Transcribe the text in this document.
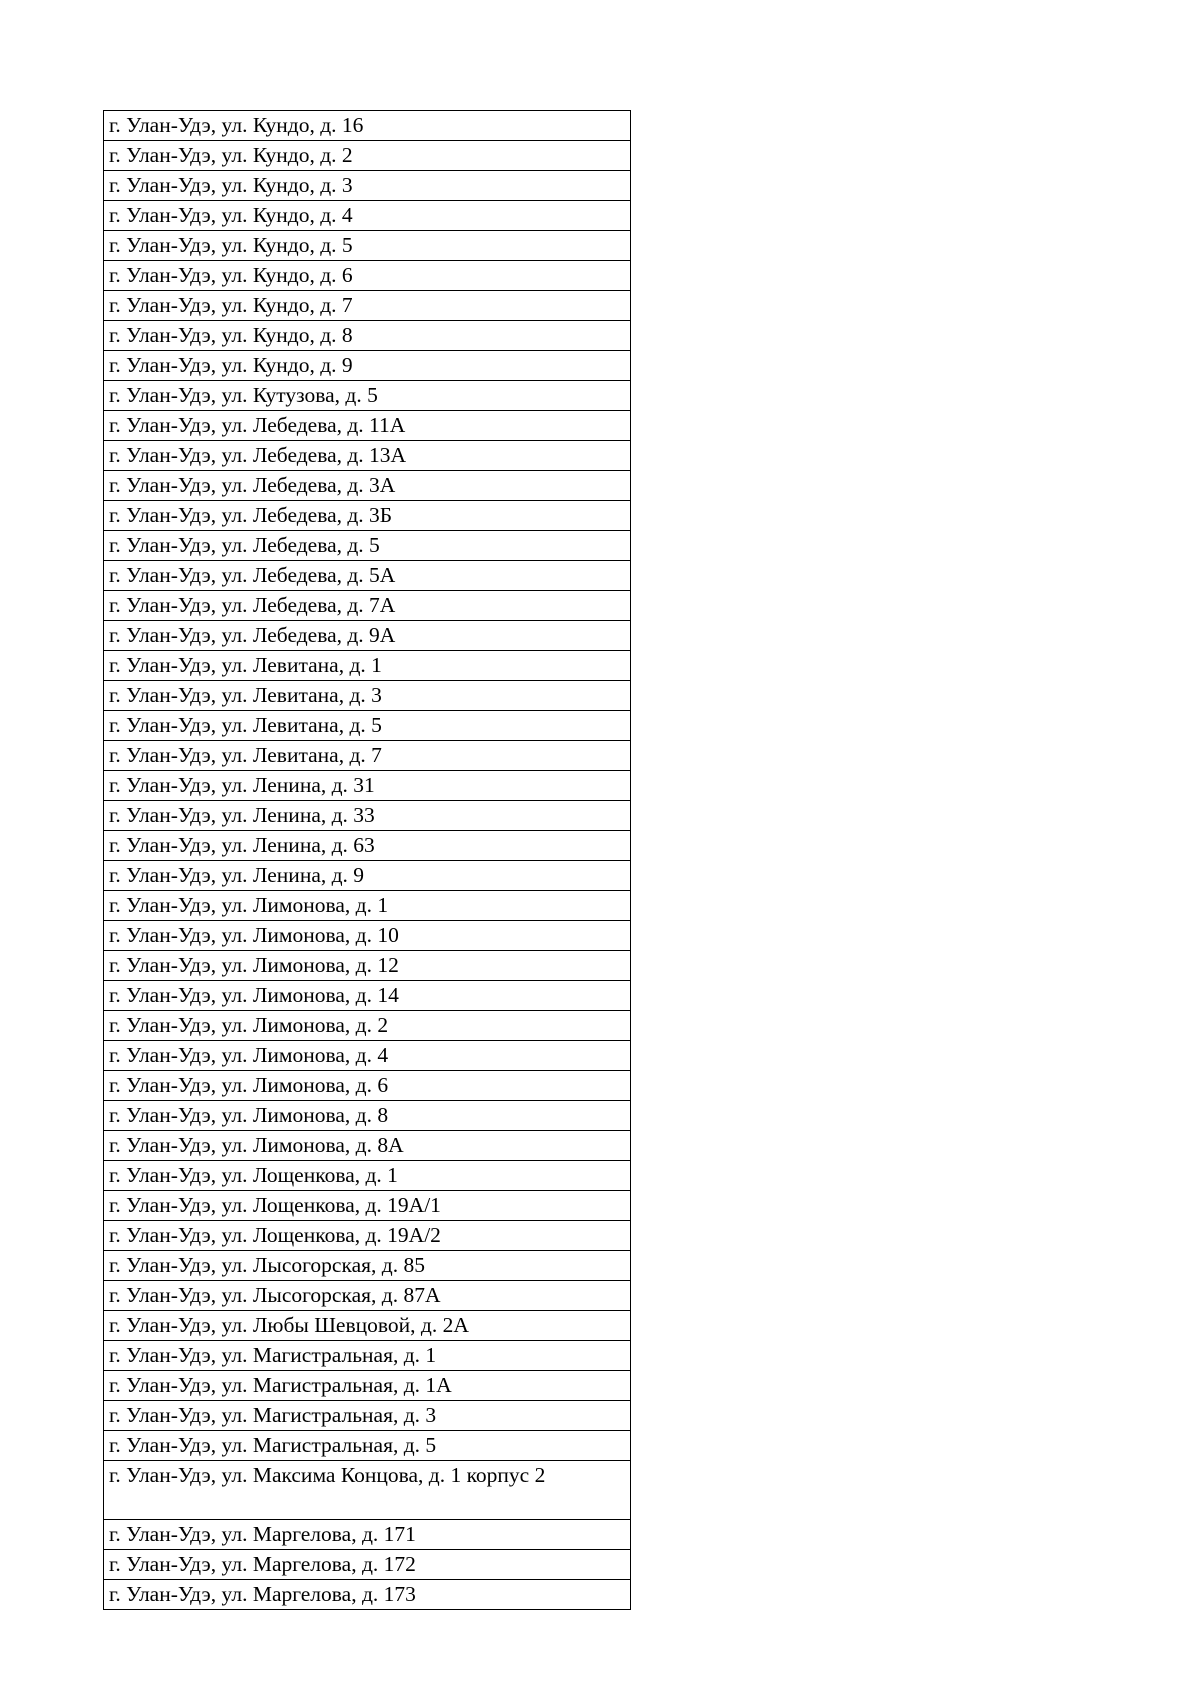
г. Улан-Удэ, ул. Кундо, д. 16
г. Улан-Удэ, ул. Кундо, д. 2
г. Улан-Удэ, ул. Кундо, д. 3
г. Улан-Удэ, ул. Кундо, д. 4
г. Улан-Удэ, ул. Кундо, д. 5
г. Улан-Удэ, ул. Кундо, д. 6
г. Улан-Удэ, ул. Кундо, д. 7
г. Улан-Удэ, ул. Кундо, д. 8
г. Улан-Удэ, ул. Кундо, д. 9
г. Улан-Удэ, ул. Кутузова, д. 5
г. Улан-Удэ, ул. Лебедева, д. 11А
г. Улан-Удэ, ул. Лебедева, д. 13А
г. Улан-Удэ, ул. Лебедева, д. 3А
г. Улан-Удэ, ул. Лебедева, д. 3Б
г. Улан-Удэ, ул. Лебедева, д. 5
г. Улан-Удэ, ул. Лебедева, д. 5А
г. Улан-Удэ, ул. Лебедева, д. 7А
г. Улан-Удэ, ул. Лебедева, д. 9А
г. Улан-Удэ, ул. Левитана, д. 1
г. Улан-Удэ, ул. Левитана, д. 3
г. Улан-Удэ, ул. Левитана, д. 5
г. Улан-Удэ, ул. Левитана, д. 7
г. Улан-Удэ, ул. Ленина, д. 31
г. Улан-Удэ, ул. Ленина, д. 33
г. Улан-Удэ, ул. Ленина, д. 63
г. Улан-Удэ, ул. Ленина, д. 9
г. Улан-Удэ, ул. Лимонова, д. 1
г. Улан-Удэ, ул. Лимонова, д. 10
г. Улан-Удэ, ул. Лимонова, д. 12
г. Улан-Удэ, ул. Лимонова, д. 14
г. Улан-Удэ, ул. Лимонова, д. 2
г. Улан-Удэ, ул. Лимонова, д. 4
г. Улан-Удэ, ул. Лимонова, д. 6
г. Улан-Удэ, ул. Лимонова, д. 8
г. Улан-Удэ, ул. Лимонова, д. 8А
г. Улан-Удэ, ул. Лощенкова, д. 1
г. Улан-Удэ, ул. Лощенкова, д. 19А/1
г. Улан-Удэ, ул. Лощенкова, д. 19А/2
г. Улан-Удэ, ул. Лысогорская, д. 85
г. Улан-Удэ, ул. Лысогорская, д. 87А
г. Улан-Удэ, ул. Любы Шевцовой, д. 2А
г. Улан-Удэ, ул. Магистральная, д. 1
г. Улан-Удэ, ул. Магистральная, д. 1А
г. Улан-Удэ, ул. Магистральная, д. 3
г. Улан-Удэ, ул. Магистральная, д. 5
г. Улан-Удэ, ул. Максима Концова, д. 1 корпус 2
г. Улан-Удэ, ул. Маргелова, д. 171
г. Улан-Удэ, ул. Маргелова, д. 172
г. Улан-Удэ, ул. Маргелова, д. 173
